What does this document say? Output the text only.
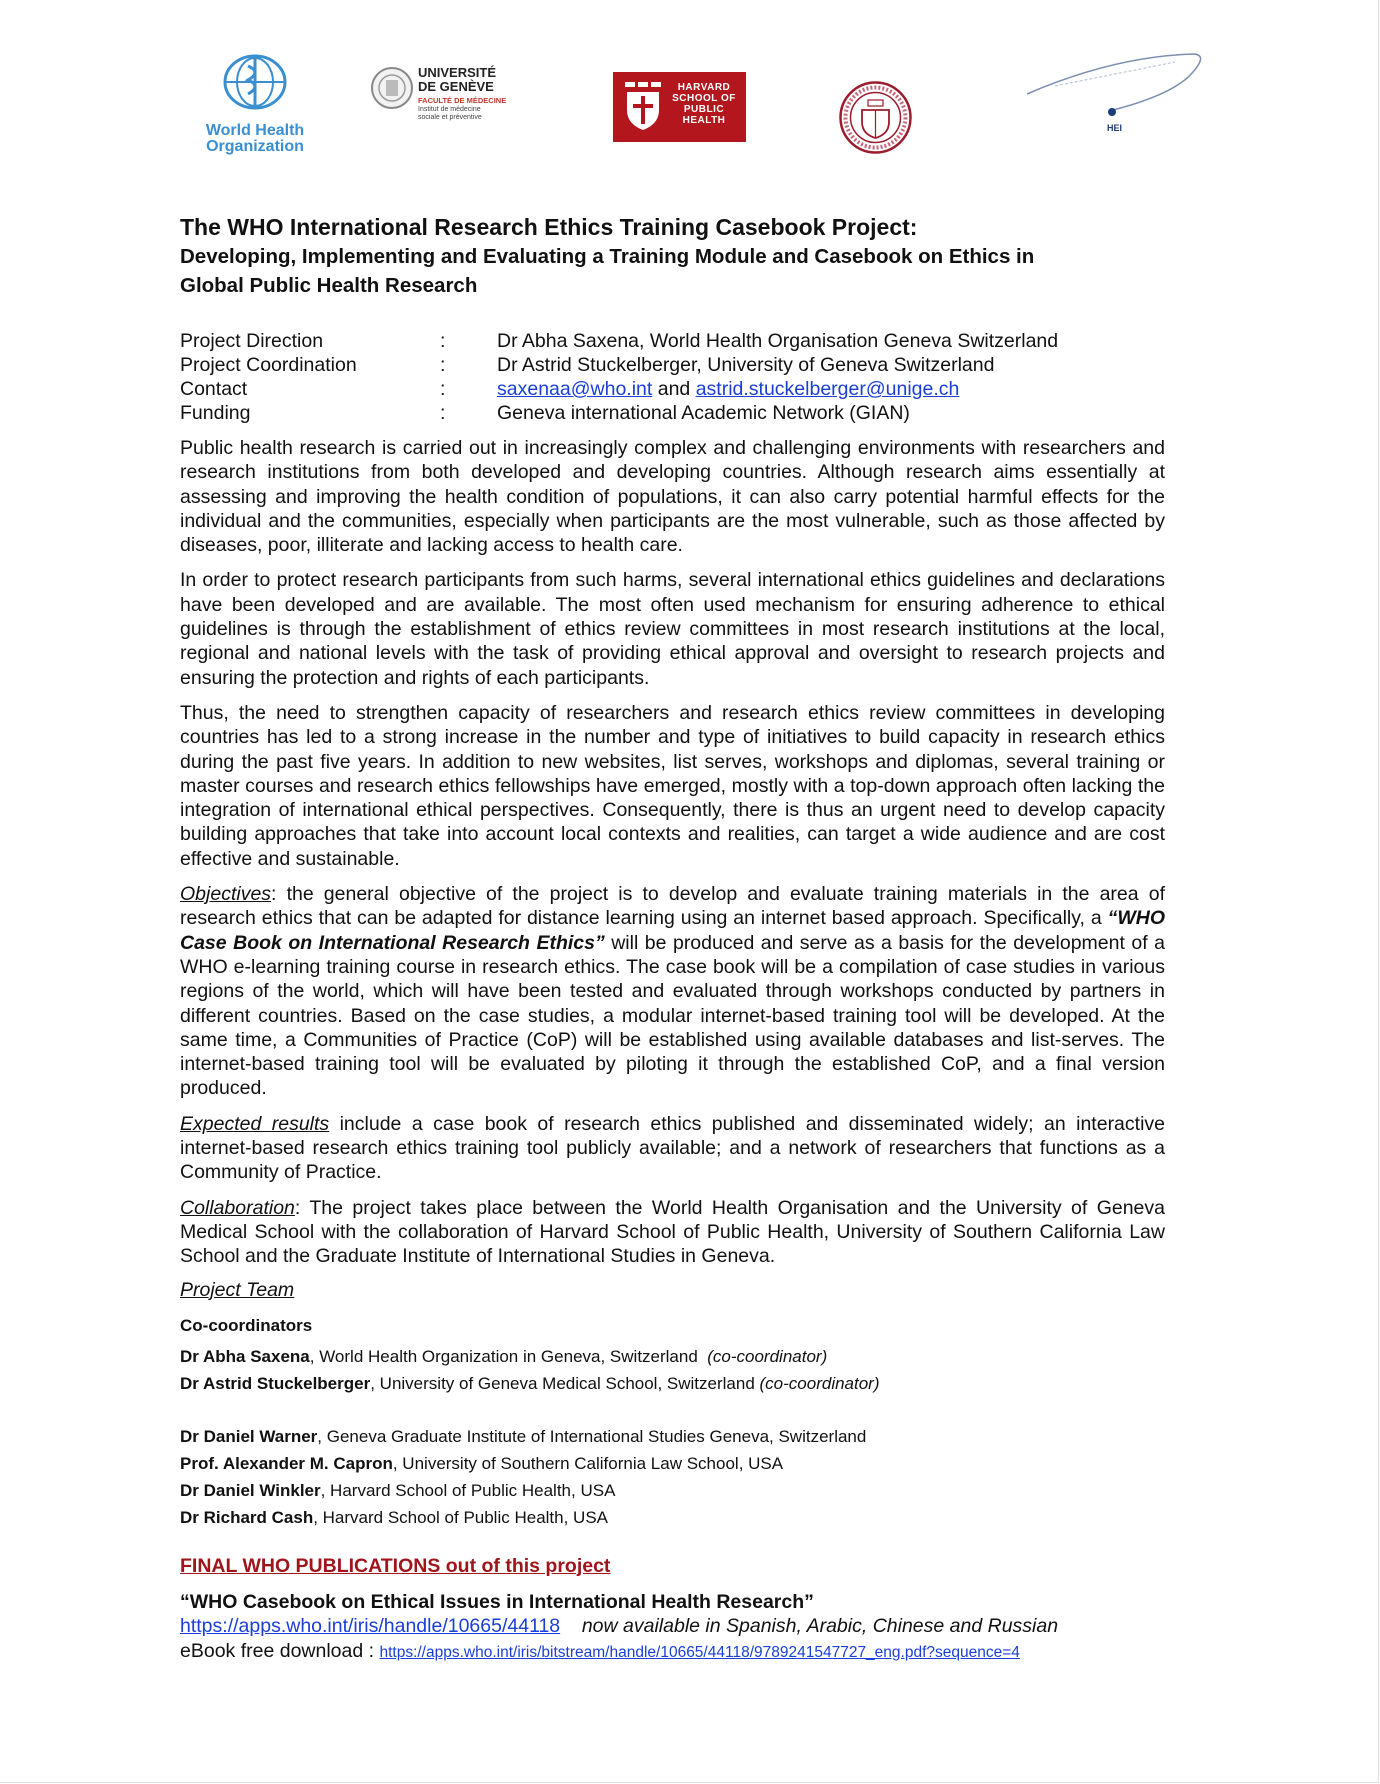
World Health
Organization
UNIVERSITÉ
DE GENÈVE
FACULTÉ DE MÉDECINE
Institut de médecine
sociale et préventive
HARVARD
SCHOOL OF
PUBLIC
HEALTH
HEI
The WHO International Research Ethics Training Casebook Project:
Developing, Implementing and Evaluating a Training Module and Casebook on Ethics in Global Public Health Research
Project Direction	:	Dr Abha Saxena, World Health Organisation Geneva Switzerland
Project Coordination	:	Dr Astrid Stuckelberger, University of Geneva Switzerland
Contact	:	saxenaa@who.int and astrid.stuckelberger@unige.ch
Funding	:	Geneva international Academic Network (GIAN)

Public health research is carried out in increasingly complex and challenging environments with researchers and research institutions from both developed and developing countries. Although research aims essentially at assessing and improving the health condition of populations, it can also carry potential harmful effects for the individual and the communities, especially when participants are the most vulnerable, such as those affected by diseases, poor, illiterate and lacking access to health care.

In order to protect research participants from such harms, several international ethics guidelines and declarations have been developed and are available. The most often used mechanism for ensuring adherence to ethical guidelines is through the establishment of ethics review committees in most research institutions at the local, regional and national levels with the task of providing ethical approval and oversight to research projects and ensuring the protection and rights of each participants.

Thus, the need to strengthen capacity of researchers and research ethics review committees in developing countries has led to a strong increase in the number and type of initiatives to build capacity in research ethics during the past five years. In addition to new websites, list serves, workshops and diplomas, several training or master courses and research ethics fellowships have emerged, mostly with a top-down approach often lacking the integration of international ethical perspectives. Consequently, there is thus an urgent need to develop capacity building approaches that take into account local contexts and realities, can target a wide audience and are cost effective and sustainable.

Objectives: the general objective of the project is to develop and evaluate training materials in the area of research ethics that can be adapted for distance learning using an internet based approach. Specifically, a “WHO Case Book on International Research Ethics” will be produced and serve as a basis for the development of a WHO e-learning training course in research ethics. The case book will be a compilation of case studies in various regions of the world, which will have been tested and evaluated through workshops conducted by partners in different countries. Based on the case studies, a modular internet-based training tool will be developed. At the same time, a Communities of Practice (CoP) will be established using available databases and list-serves. The internet-based training tool will be evaluated by piloting it through the established CoP, and a final version produced.

Expected results include a case book of research ethics published and disseminated widely; an interactive internet-based research ethics training tool publicly available; and a network of researchers that functions as a Community of Practice.

Collaboration: The project takes place between the World Health Organisation and the University of Geneva Medical School with the collaboration of Harvard School of Public Health, University of Southern California Law School and the Graduate Institute of International Studies in Geneva.

Project Team
Co-coordinators
Dr Abha Saxena, World Health Organization in Geneva, Switzerland  (co-coordinator)
Dr Astrid Stuckelberger, University of Geneva Medical School, Switzerland (co-coordinator)
Dr Daniel Warner, Geneva Graduate Institute of International Studies Geneva, Switzerland
Prof. Alexander M. Capron, University of Southern California Law School, USA
Dr Daniel Winkler, Harvard School of Public Health, USA
Dr Richard Cash, Harvard School of Public Health, USA
FINAL WHO PUBLICATIONS out of this project
“WHO Casebook on Ethical Issues in International Health Research”
https://apps.who.int/iris/handle/10665/44118 now available in Spanish, Arabic, Chinese and Russian
eBook free download : https://apps.who.int/iris/bitstream/handle/10665/44118/9789241547727_eng.pdf?sequence=4
